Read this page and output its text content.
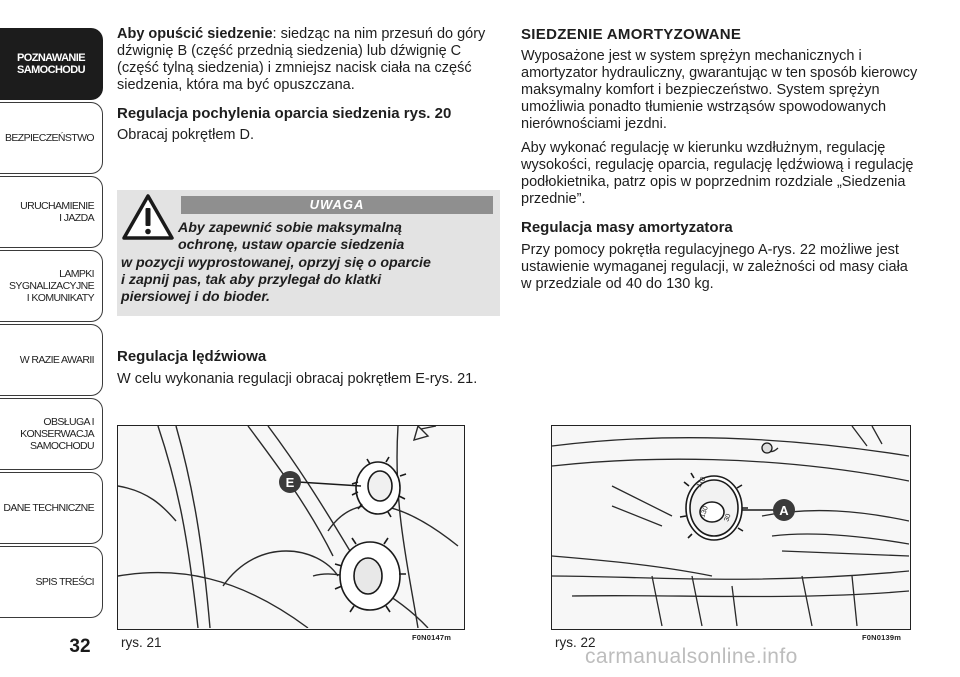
POZNAWANIE
SAMOCHODU
BEZPIECZEŃSTWO
URUCHAMIENIE
I JAZDA
LAMPKI
SYGNALIZACYJNE
I KOMUNIKATY
W RAZIE AWARII
OBSŁUGA I
KONSERWACJA
SAMOCHODU
DANE TECHNICZNE
SPIS TREŚCI
32

Aby opuścić siedzenie: siedząc na nim przesuń do góry dźwignię B (część przednią siedzenia) lub dźwignię C (część tylną siedzenia) i zmniejsz nacisk ciała na część siedzenia, która ma być opuszczana.

Regulacja pochylenia oparcia siedzenia rys. 20

Obracaj pokrętłem D.

UWAGA
Aby zapewnić sobie maksymalną
ochronę, ustaw oparcie siedzenia
w pozycji wyprostowanej, oprzyj się o oparcie
i zapnij pas, tak aby przylegał do klatki
piersiowej i do bioder.

Regulacja lędźwiowa

W celu wykonania regulacji obracaj pokrętłem E-rys. 21.

SIEDZENIE AMORTYZOWANE

Wyposażone jest w system sprężyn mechanicznych i amortyzator hydrauliczny, gwarantując w ten sposób kierowcy maksymalny komfort i bezpieczeństwo. System sprężyn umożliwia ponadto tłumienie wstrząsów spowodowanych nierównościami jezdni.

Aby wykonać regulację w kierunku wzdłużnym, regulację wysokości, regulację oparcia, regulację lędźwiową i regulację podłokietnika, patrz opis w poprzednim rozdziale „Siedzenia przednie”.

Regulacja masy amortyzatora

Przy pomocy pokrętła regulacyjnego A-rys. 22 możliwe jest ustawienie wymaganej regulacji, w zależności od masy ciała w przedziale od 40 do 130 kg.

E
rys. 21	F0N0147m
110
130 30	A
rys. 22	F0N0139m
carmanualsonline.info
